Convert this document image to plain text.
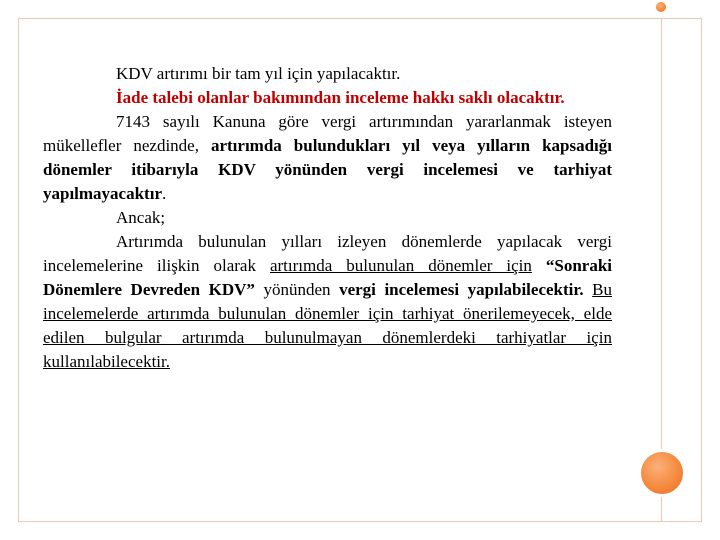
KDV artırımı bir tam yıl için yapılacaktır.

İade talebi olanlar bakımından inceleme hakkı saklı olacaktır.

7143 sayılı Kanuna göre vergi artırımından yararlanmak isteyen mükellefler nezdinde, artırımda bulundukları yıl veya yılların kapsadığı dönemler itibarıyla KDV yönünden vergi incelemesi ve tarhiyat yapılmayacaktır.

Ancak;

Artırımda bulunulan yılları izleyen dönemlerde yapılacak vergi incelemelerine ilişkin olarak artırımda bulunulan dönemler için “Sonraki Dönemlere Devreden KDV” yönünden vergi incelemesi yapılabilecektir. Bu incelemelerde artırımda bulunulan dönemler için tarhiyat önerilemeyecek, elde edilen bulgular artırımda bulunulmayan dönemlerdeki tarhiyatlar için kullanılabilecektir.
